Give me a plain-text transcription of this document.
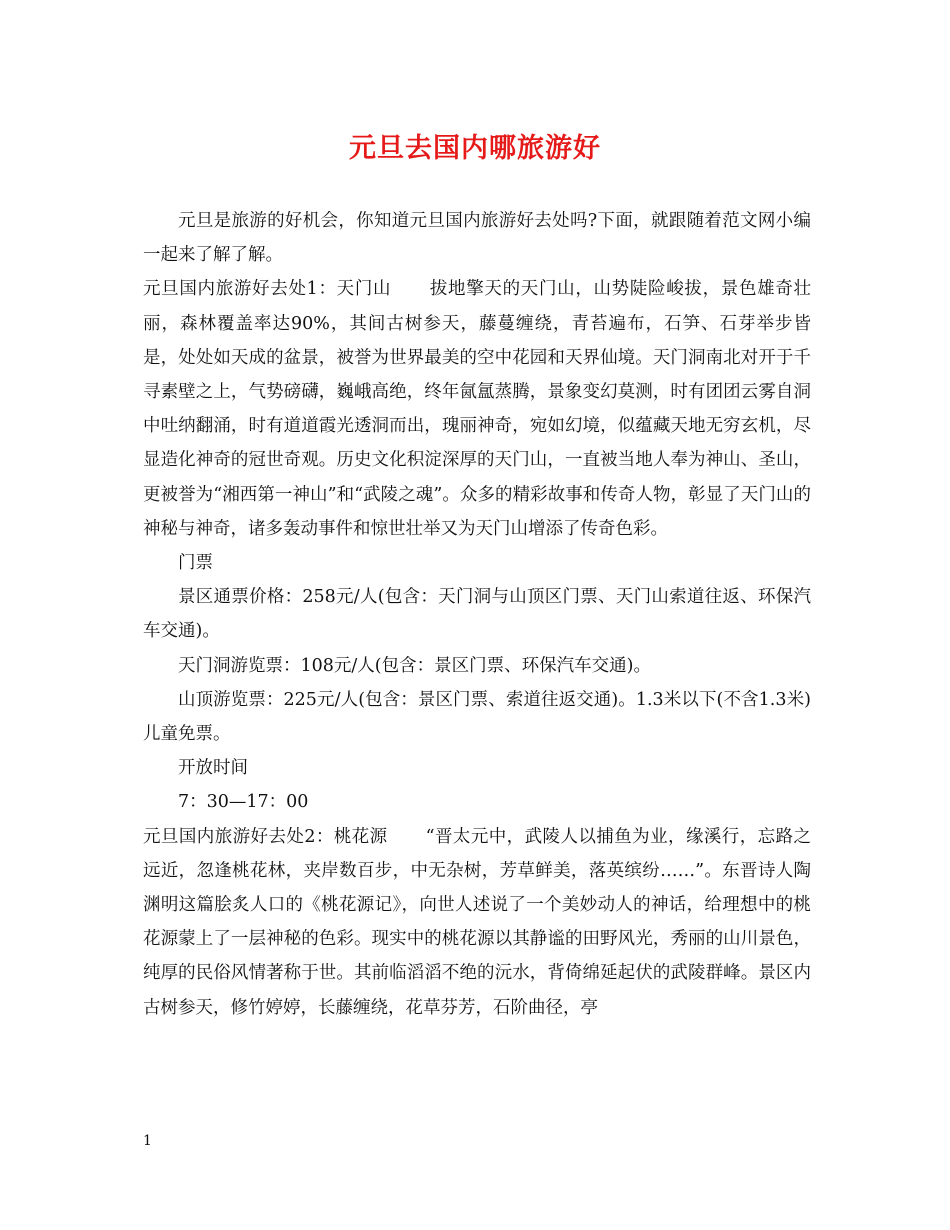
元旦去国内哪旅游好

元旦是旅游的好机会，你知道元旦国内旅游好去处吗?下面，就跟随着范文网小编一起来了解了解。

元旦国内旅游好去处1：天门山 拔地擎天的天门山，山势陡险峻拔，景色雄奇壮丽，森林覆盖率达90%，其间古树参天，藤蔓缠绕，青苔遍布，石笋、石芽举步皆是，处处如天成的盆景，被誉为世界最美的空中花园和天界仙境。天门洞南北对开于千寻素壁之上，气势磅礴，巍峨高绝，终年氤氲蒸腾，景象变幻莫测，时有团团云雾自洞中吐纳翻涌，时有道道霞光透洞而出，瑰丽神奇，宛如幻境，似蕴藏天地无穷玄机，尽显造化神奇的冠世奇观。历史文化积淀深厚的天门山，一直被当地人奉为神山、圣山，更被誉为“湘西第一神山”和“武陵之魂”。众多的精彩故事和传奇人物，彰显了天门山的神秘与神奇，诸多轰动事件和惊世壮举又为天门山增添了传奇色彩。

门票

景区通票价格：258元/人(包含：天门洞与山顶区门票、天门山索道往返、环保汽车交通)。

天门洞游览票：108元/人(包含：景区门票、环保汽车交通)。

山顶游览票：225元/人(包含：景区门票、索道往返交通)。1.3米以下(不含1.3米)儿童免票。

开放时间

7：30—17：00

元旦国内旅游好去处2：桃花源 “晋太元中，武陵人以捕鱼为业，缘溪行，忘路之远近，忽逢桃花林，夹岸数百步，中无杂树，芳草鲜美，落英缤纷……”。东晋诗人陶渊明这篇脍炙人口的《桃花源记》，向世人述说了一个美妙动人的神话，给理想中的桃花源蒙上了一层神秘的色彩。现实中的桃花源以其静谧的田野风光，秀丽的山川景色，纯厚的民俗风情著称于世。其前临滔滔不绝的沅水，背倚绵延起伏的武陵群峰。景区内古树参天，修竹婷婷，长藤缠绕，花草芬芳，石阶曲径，亭

1
